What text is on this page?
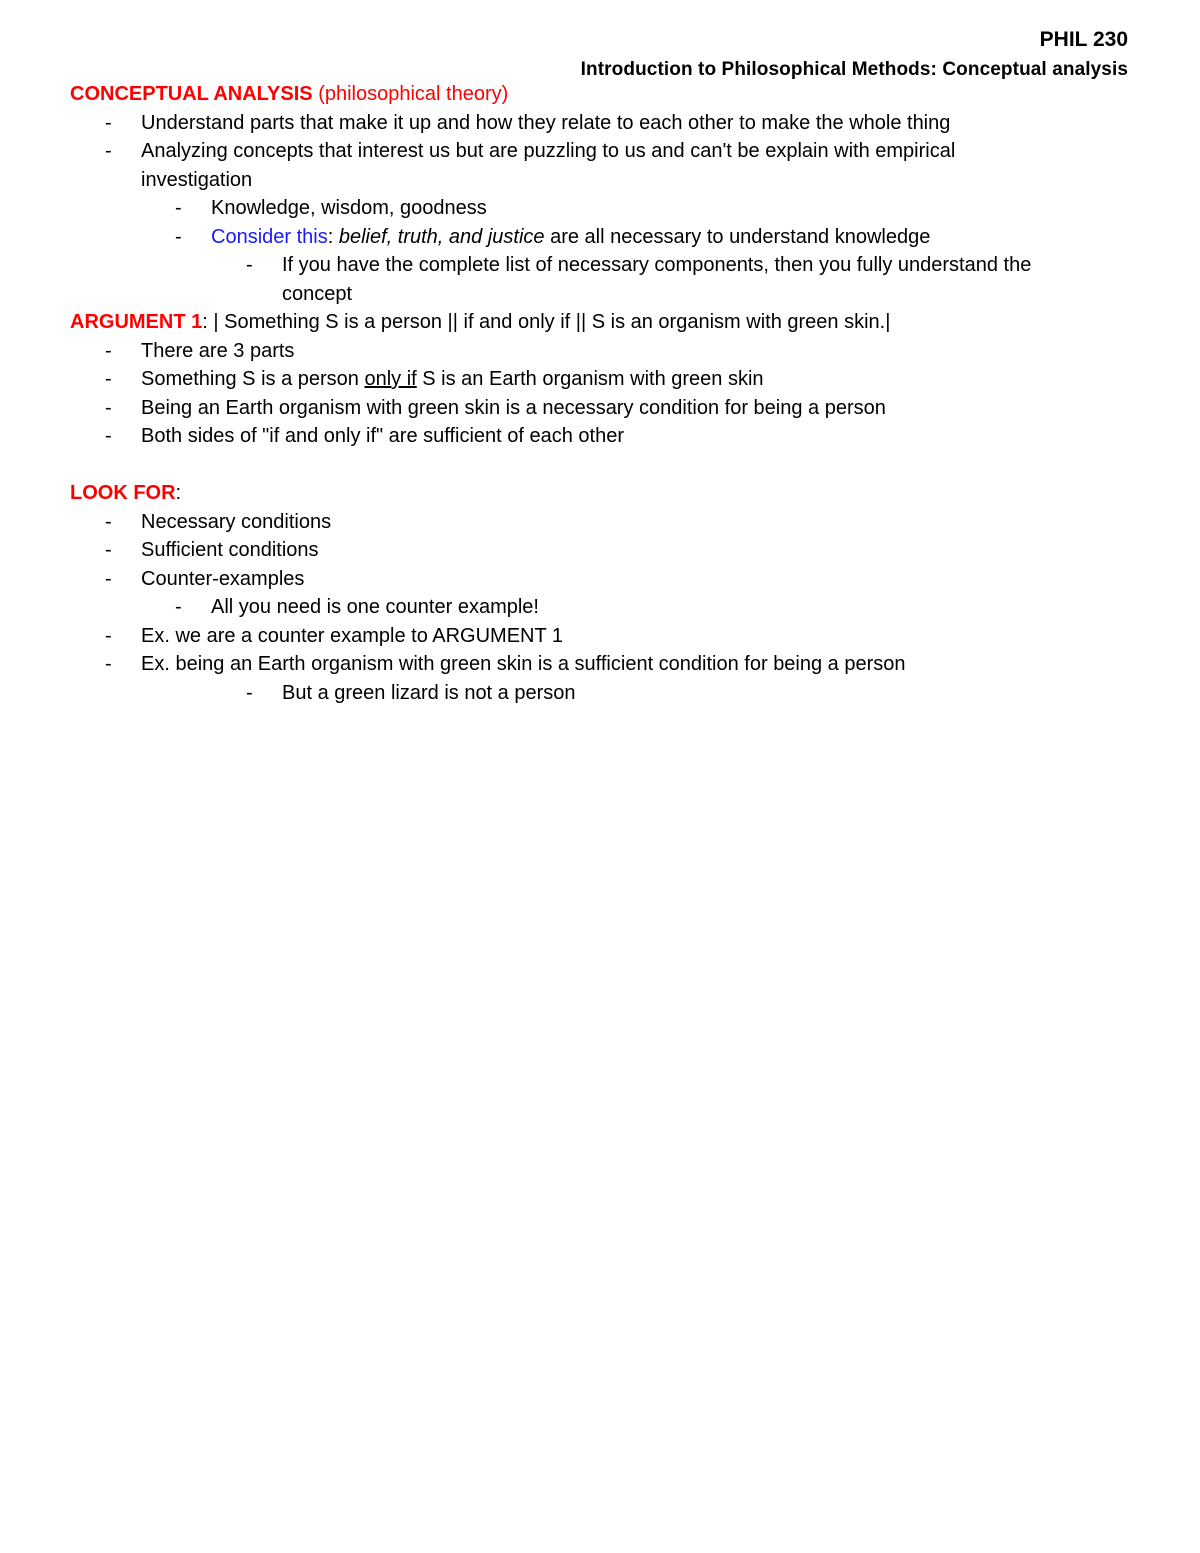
PHIL 230
Introduction to Philosophical Methods: Conceptual analysis
CONCEPTUAL ANALYSIS (philosophical theory)
- Understand parts that make it up and how they relate to each other to make the whole thing
- Analyzing concepts that interest us but are puzzling to us and can't be explain with empirical investigation
- Knowledge, wisdom, goodness
- Consider this: belief, truth, and justice are all necessary to understand knowledge
- If you have the complete list of necessary components, then you fully understand the concept
ARGUMENT 1: | Something S is a person || if and only if || S is an organism with green skin.|
- There are 3 parts
- Something S is a person only if S is an Earth organism with green skin
- Being an Earth organism with green skin is a necessary condition for being a person
- Both sides of "if and only if" are sufficient of each other
LOOK FOR:
- Necessary conditions
- Sufficient conditions
- Counter-examples
- All you need is one counter example!
- Ex. we are a counter example to ARGUMENT 1
- Ex. being an Earth organism with green skin is a sufficient condition for being a person
- But a green lizard is not a person
